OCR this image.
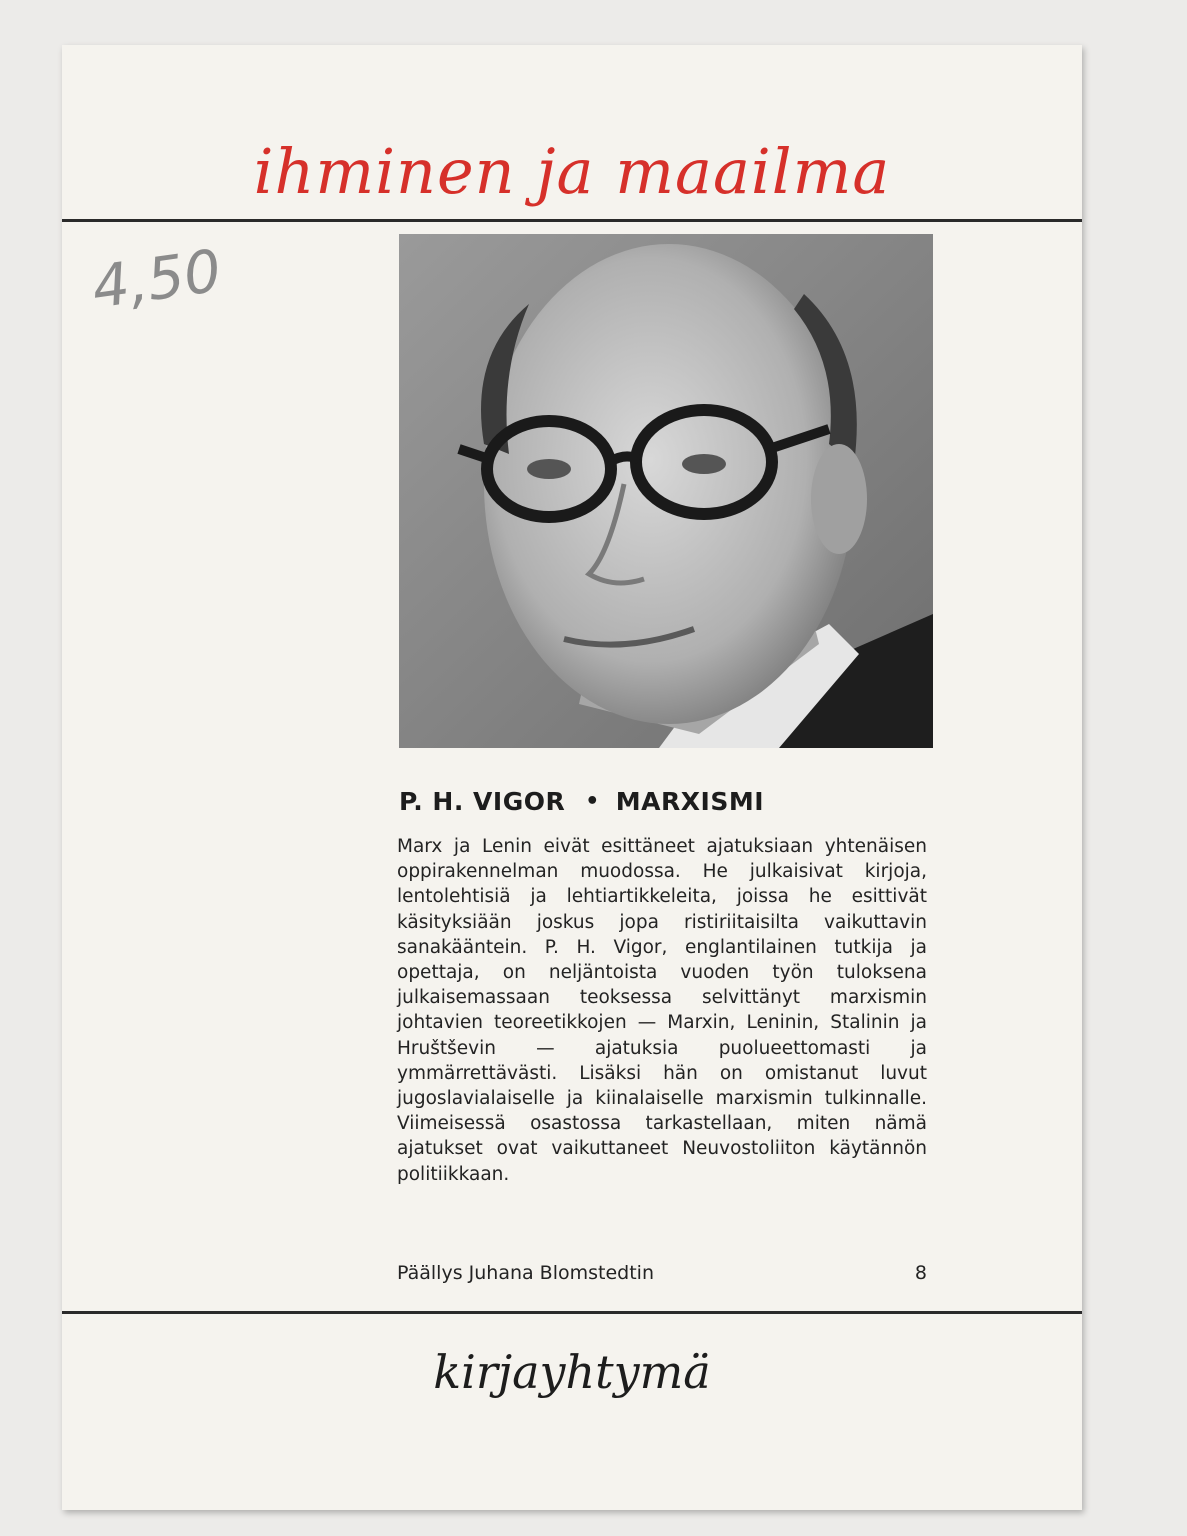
ihminen ja maailma
4,50
P. H. VIGOR • MARXISMI
Marx ja Lenin eivät esittäneet ajatuksiaan yhtenäisen oppirakennelman muodossa. He julkaisivat kirjoja, lentolehtisiä ja lehtiartikkeleita, joissa he esittivät käsityksiään joskus jopa ristiriitaisilta vaikuttavin sanakääntein. P. H. Vigor, englantilainen tutkija ja opettaja, on neljäntoista vuoden työn tuloksena julkaisemassaan teoksessa selvittänyt marxismin johtavien teoreetikkojen — Marxin, Leninin, Stalinin ja Hruštševin — ajatuksia puolueettomasti ja ymmärrettävästi. Lisäksi hän on omistanut luvut jugoslavialaiselle ja kiinalaiselle marxismin tulkinnalle. Viimeisessä osastossa tarkastellaan, miten nämä ajatukset ovat vaikuttaneet Neuvostoliiton käytännön politiikkaan.
Päällys Juhana Blomstedtin	8
kirjayhtymä
